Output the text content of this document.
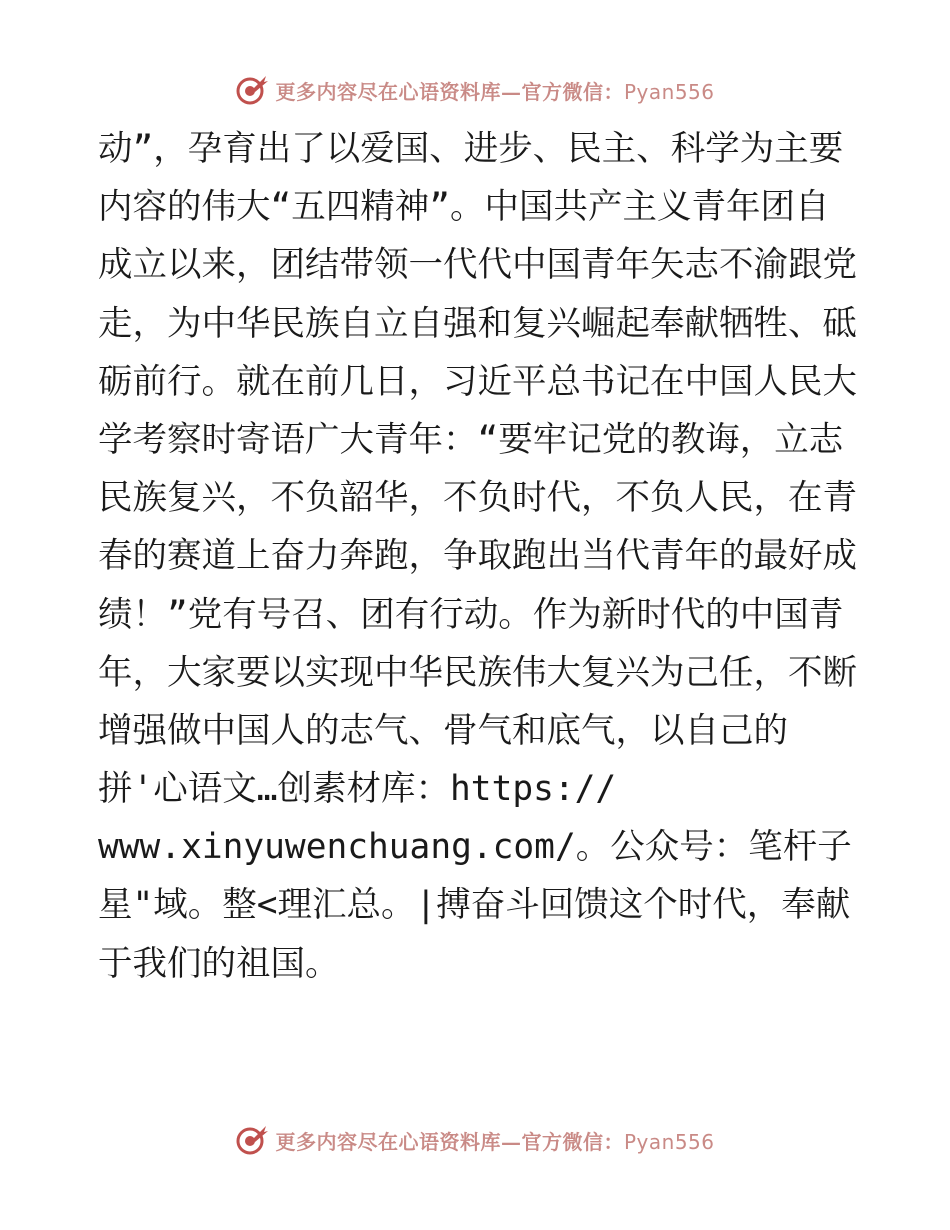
更多内容尽在心语资料库—官方微信：Pyan556
动”，孕育出了以爱国、进步、民主、科学为主要
内容的伟大“五四精神”。中国共产主义青年团自
成立以来，团结带领一代代中国青年矢志不渝跟党
走，为中华民族自立自强和复兴崛起奉献牺牲、砥
砺前行。就在前几日，习近平总书记在中国人民大
学考察时寄语广大青年：“要牢记党的教诲，立志
民族复兴，不负韶华，不负时代，不负人民，在青
春的赛道上奋力奔跑，争取跑出当代青年的最好成
绩！”党有号召、团有行动。作为新时代的中国青
年，大家要以实现中华民族伟大复兴为己任，不断
增强做中国人的志气、骨气和底气，以自己的
拼'心语文…创素材库：https://
www.xinyuwenchuang.com/。公众号：笔杆子
星"域。整<理汇总。|搏奋斗回馈这个时代，奉献
于我们的祖国。
更多内容尽在心语资料库—官方微信：Pyan556
